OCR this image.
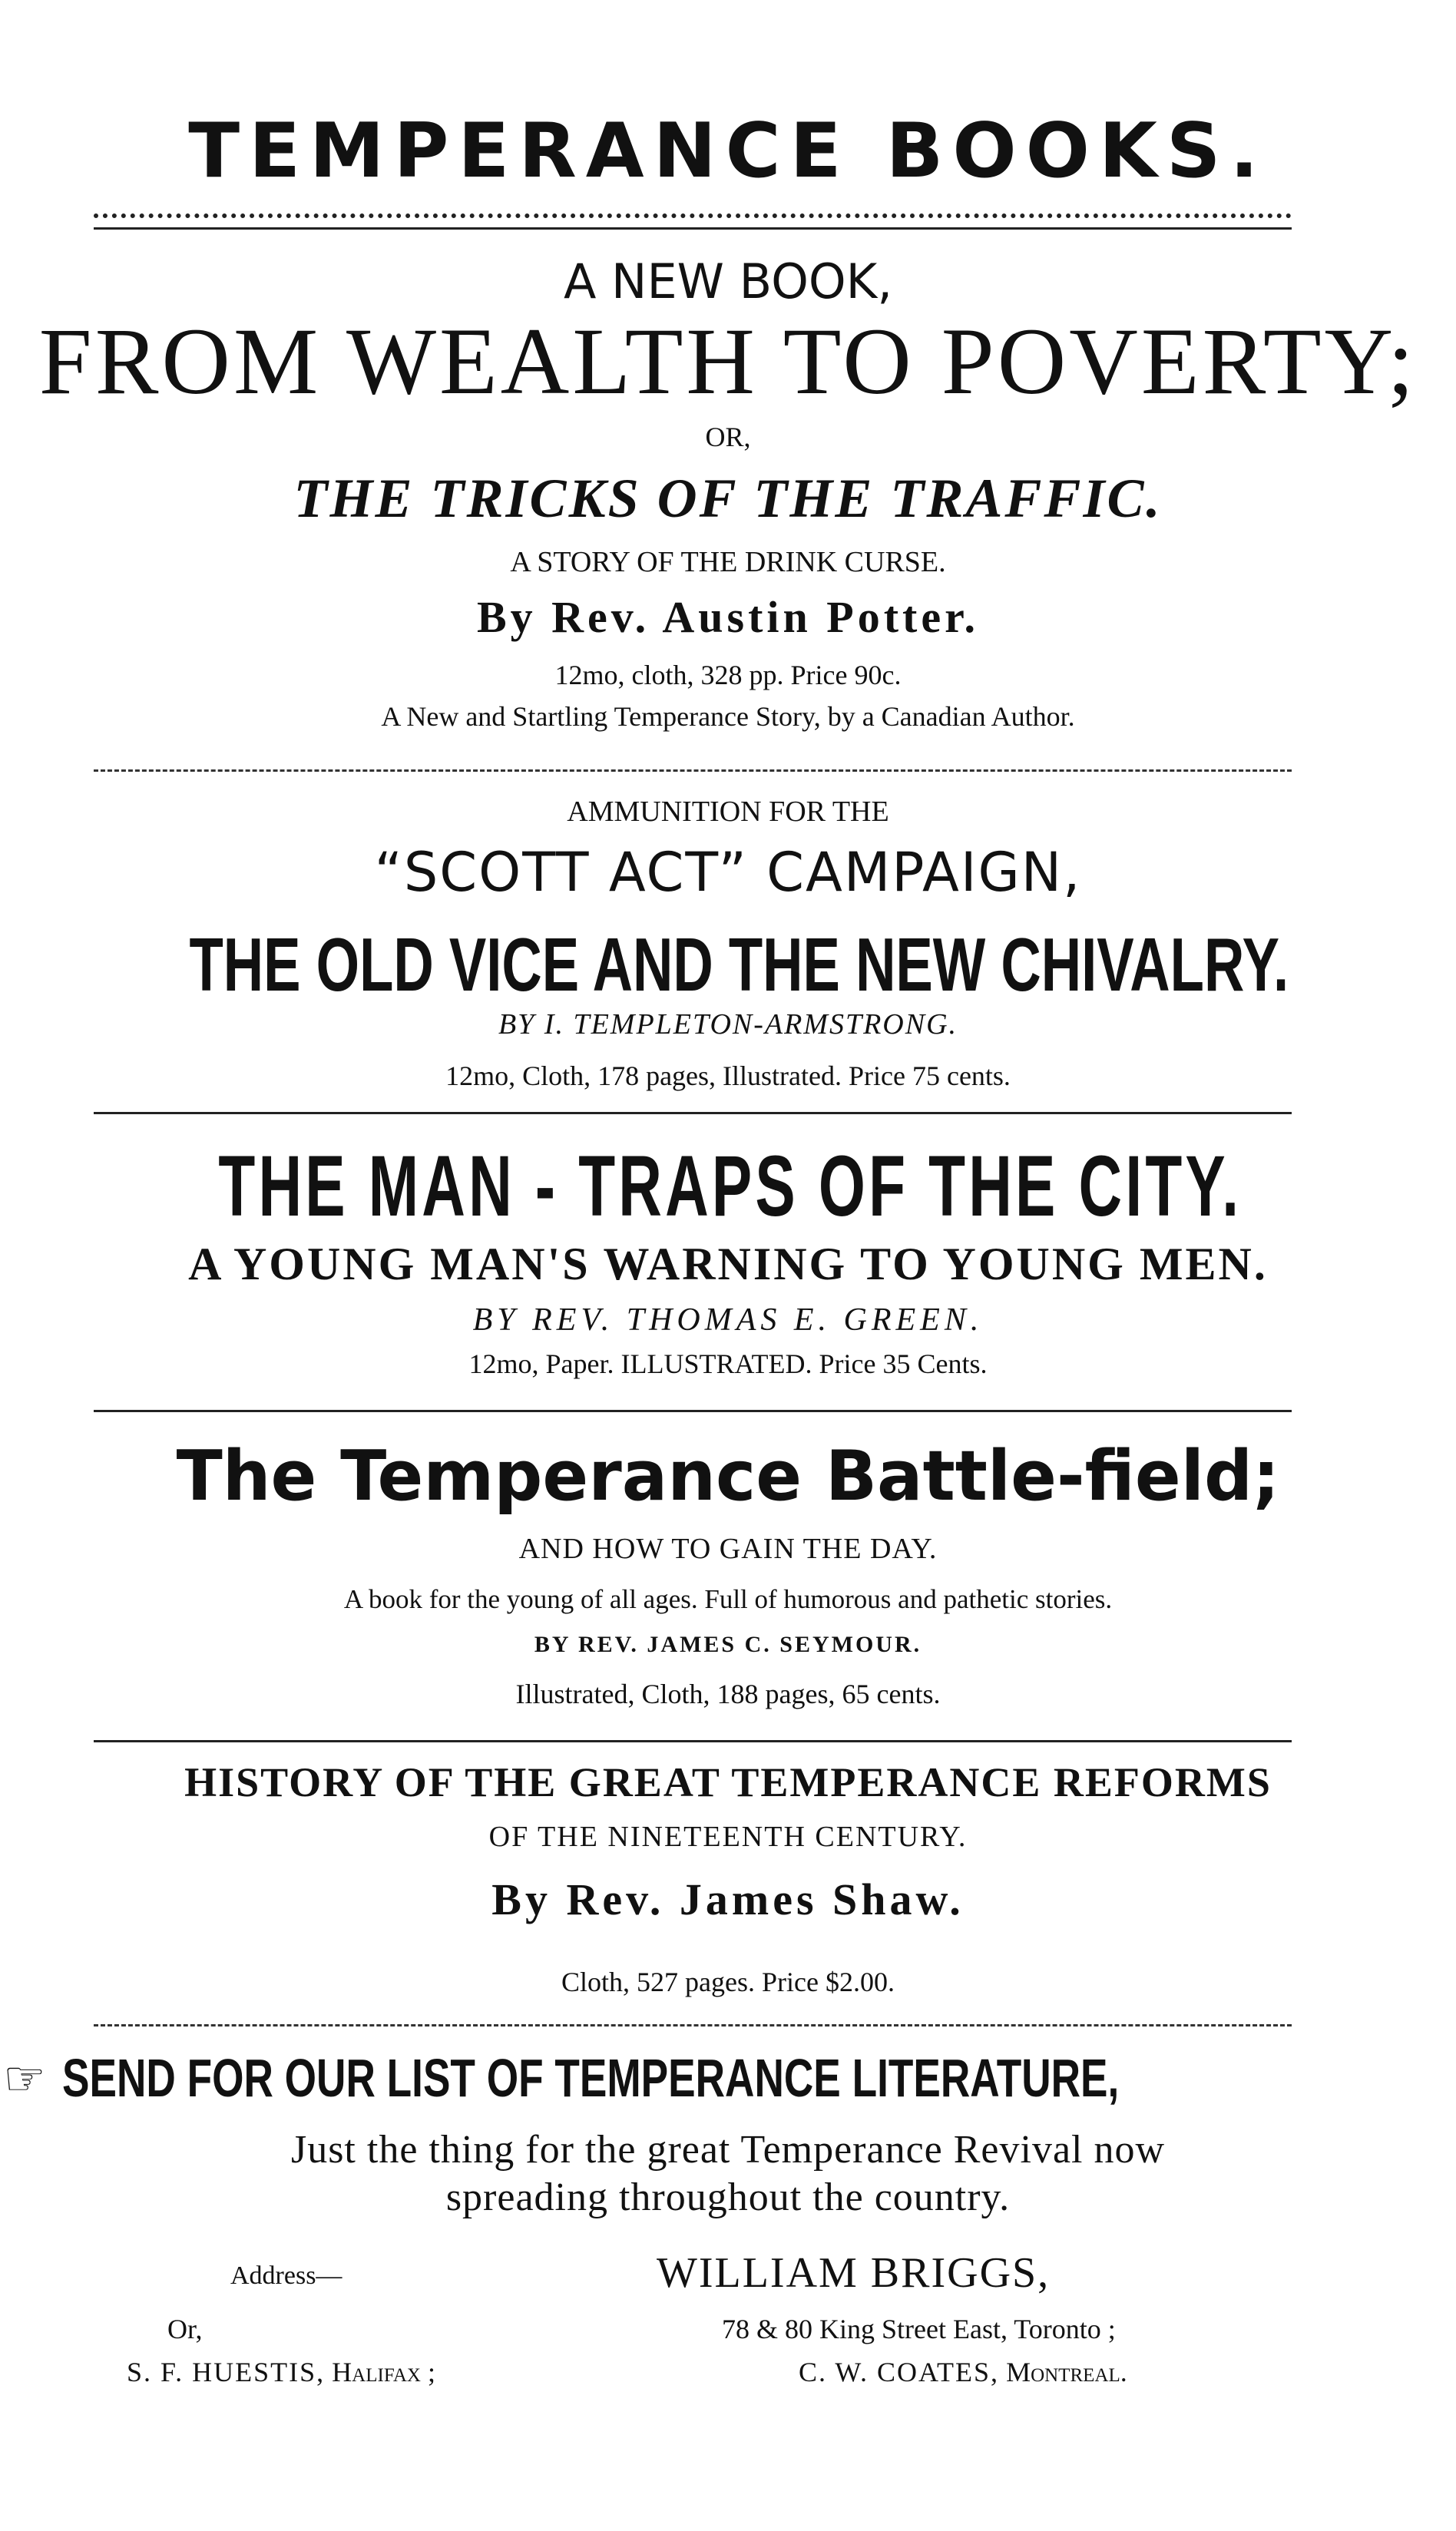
TEMPERANCE BOOKS.
A NEW BOOK,
FROM WEALTH TO POVERTY;
OR,
THE TRICKS OF THE TRAFFIC.
A STORY OF THE DRINK CURSE.
By Rev. Austin Potter.
12mo, cloth, 328 pp. Price 90c.
A New and Startling Temperance Story, by a Canadian Author.
AMMUNITION FOR THE
“SCOTT ACT” CAMPAIGN,
THE OLD VICE AND THE NEW CHIVALRY.
BY I. TEMPLETON-ARMSTRONG.
12mo, Cloth, 178 pages, Illustrated. Price 75 cents.
THE MAN - TRAPS OF THE CITY.
A YOUNG MAN'S WARNING TO YOUNG MEN.
BY REV. THOMAS E. GREEN.
12mo, Paper. ILLUSTRATED. Price 35 Cents.
The Temperance Battle-field;
AND HOW TO GAIN THE DAY.
A book for the young of all ages. Full of humorous and pathetic stories.
BY REV. JAMES C. SEYMOUR.
Illustrated, Cloth, 188 pages, 65 cents.
HISTORY OF THE GREAT TEMPERANCE REFORMS
OF THE NINETEENTH CENTURY.
By Rev. James Shaw.
Cloth, 527 pages. Price $2.00.
☞ SEND FOR OUR LIST OF TEMPERANCE LITERATURE,
Just the thing for the great Temperance Revival now
spreading throughout the country.
Address—	WILLIAM BRIGGS,
Or,	78 & 80 King Street East, Toronto ;
S. F. HUESTIS, Halifax ;	C. W. COATES, Montreal.
